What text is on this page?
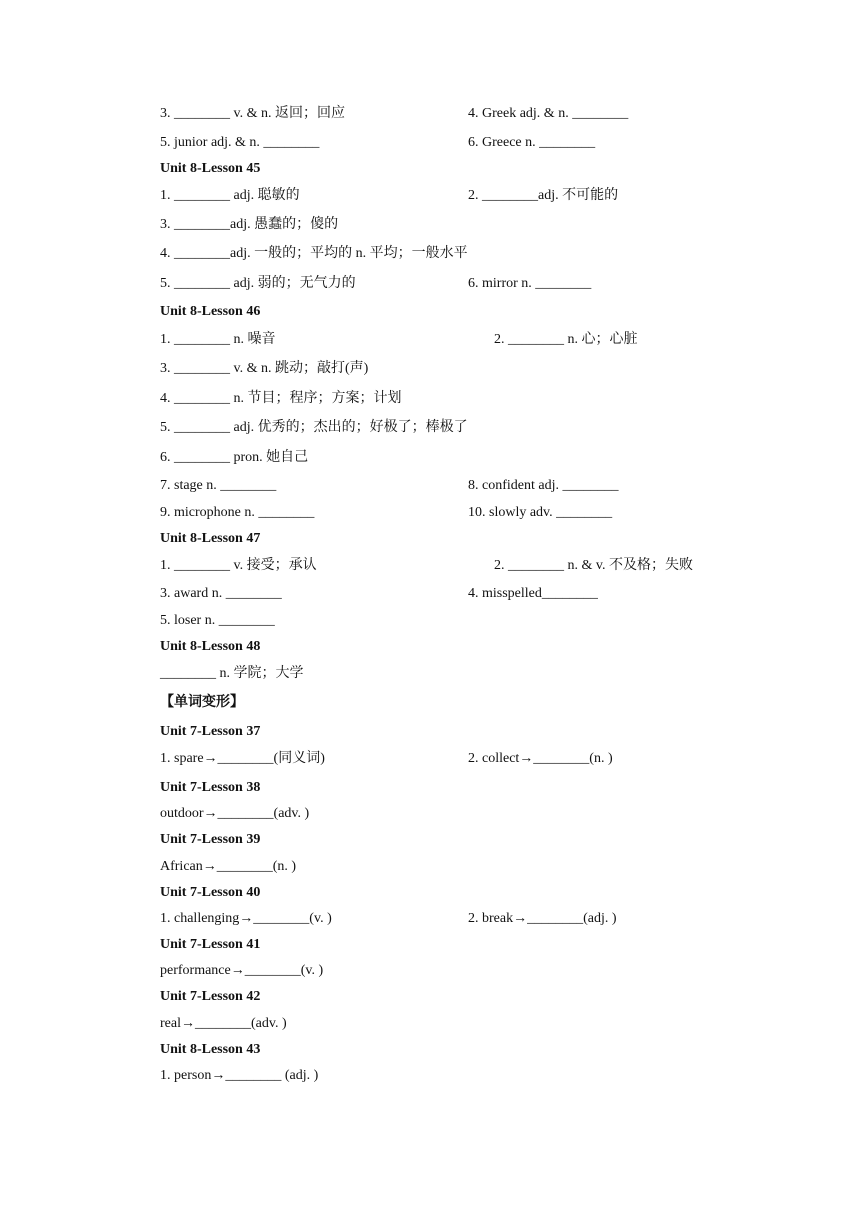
3. ________ v. & n. 返回；回应	4. Greek adj. & n. ________
5. junior adj. & n. ________	6. Greece n. ________
Unit 8-Lesson 45
1. ________ adj. 聪敏的	2. ________adj. 不可能的
3. ________adj. 愚蠢的；傻的
4. ________adj. 一般的；平均的 n. 平均；一般水平
5. ________ adj. 弱的；无气力的	6. mirror n. ________
Unit 8-Lesson 46
1. ________ n. 噪音	2. ________ n. 心；心脏
3. ________ v. & n. 跳动；敲打(声)
4. ________ n. 节目；程序；方案；计划
5. ________ adj. 优秀的；杰出的；好极了；棒极了
6. ________ pron. 她自己
7. stage n. ________	8. confident adj. ________
9. microphone n. ________	10. slowly adv. ________
Unit 8-Lesson 47
1. ________ v. 接受；承认	2. ________ n. & v. 不及格；失败
3. award n. ________	4. misspelled________
5. loser n. ________
Unit 8-Lesson 48
________ n. 学院；大学
【单词变形】
Unit 7-Lesson 37
1. spare→________(同义词)	2. collect→________(n. )
Unit 7-Lesson 38
outdoor→________(adv. )
Unit 7-Lesson 39
African→________(n. )
Unit 7-Lesson 40
1. challenging→________(v. )	2. break→________(adj. )
Unit 7-Lesson 41
performance→________(v. )
Unit 7-Lesson 42
real→________(adv. )
Unit 8-Lesson 43
1. person→________ (adj. )
